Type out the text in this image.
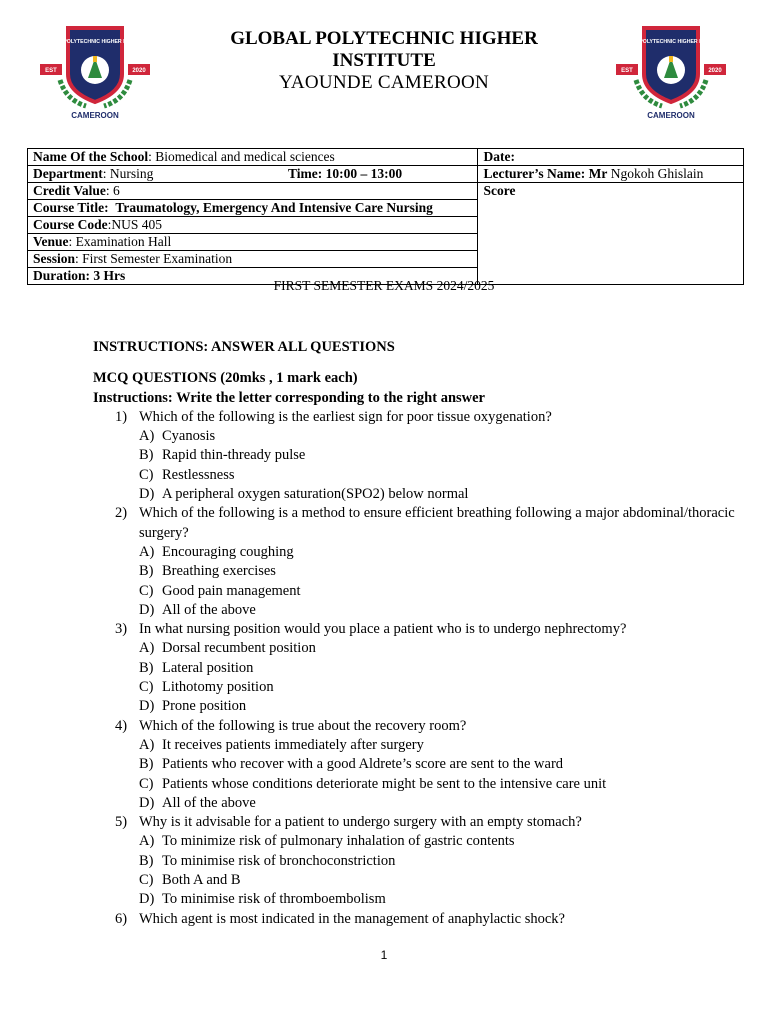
GLOBAL POLYTECHNIC HIGHER INSTITUTE
EST	2020
CAMEROON
GLOBAL POLYTECHNIC HIGHER INSTITUTE
EST	2020
CAMEROON
GLOBAL POLYTECHNIC HIGHER
INSTITUTE
YAOUNDE CAMEROON
Name Of the School: Biomedical and medical sciences	Date:
Department: Nursing Time: 10:00 – 13:00	Lecturer’s Name: Mr Ngokoh Ghislain
Credit Value: 6	Score
Course Title: Traumatology, Emergency And Intensive Care Nursing	
Course Code:NUS 405	
Venue: Examination Hall	
Session: First Semester Examination	
Duration: 3 Hrs	
FIRST SEMESTER EXAMS 2024/2025

INSTRUCTIONS: ANSWER ALL QUESTIONS

MCQ QUESTIONS (20mks , 1 mark each)

Instructions: Write the letter corresponding to the right answer

1) Which of the following is the earliest sign for poor tissue oxygenation?

A) Cyanosis

B) Rapid thin-thready pulse

C) Restlessness

D) A peripheral oxygen saturation(SPO2) below normal

2) Which of the following is a method to ensure efficient breathing following a major abdominal/thoracic surgery?

A) Encouraging coughing

B) Breathing exercises

C) Good pain management

D) All of the above

3) In what nursing position would you place a patient who is to undergo nephrectomy?

A) Dorsal recumbent position

B) Lateral position

C) Lithotomy position

D) Prone position

4) Which of the following is true about the recovery room?

A) It receives patients immediately after surgery

B) Patients who recover with a good Aldrete’s score are sent to the ward

C) Patients whose conditions deteriorate might be sent to the intensive care unit

D) All of the above

5) Why is it advisable for a patient to undergo surgery with an empty stomach?

A) To minimize risk of pulmonary inhalation of gastric contents

B) To minimise risk of bronchoconstriction

C) Both A and B

D) To minimise risk of thromboembolism

6) Which agent is most indicated in the management of anaphylactic shock?

1
